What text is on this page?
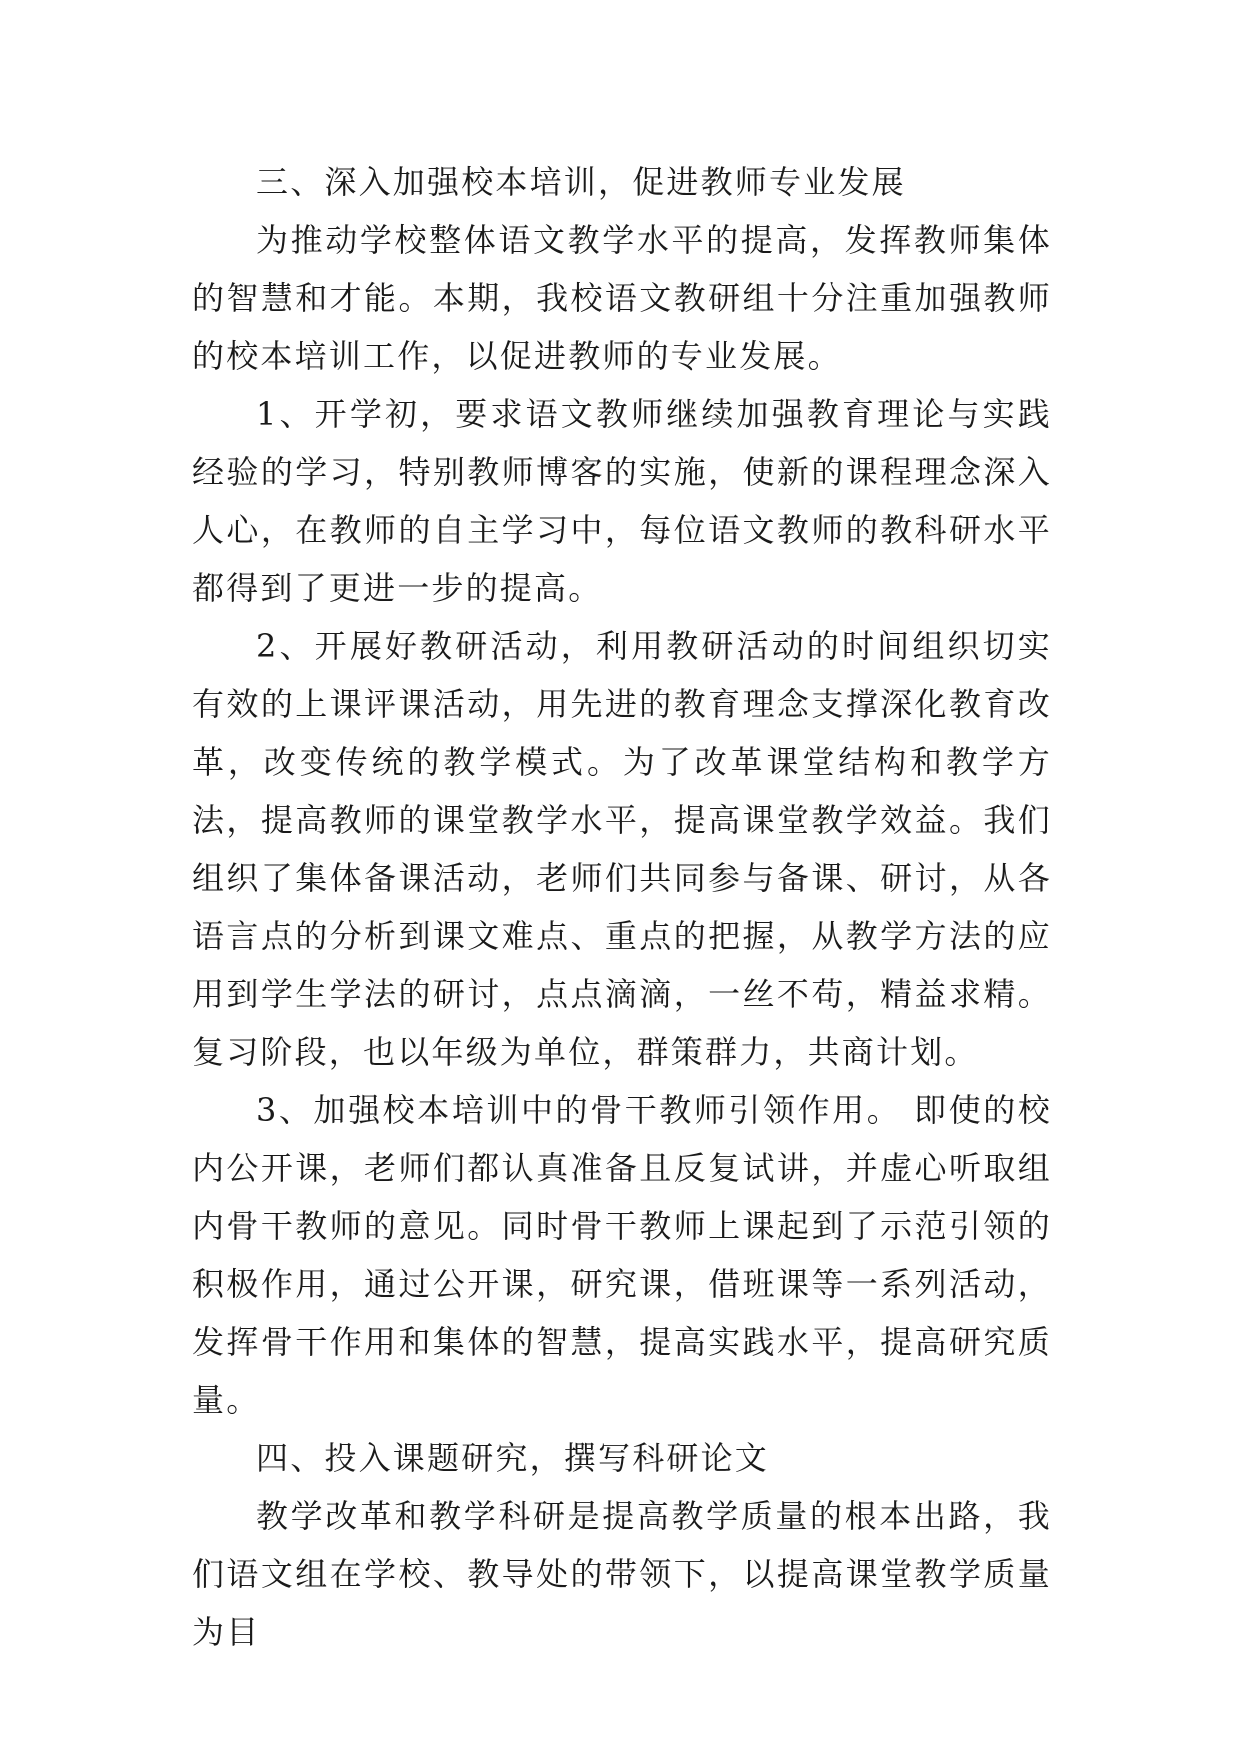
三、深入加强校本培训，促进教师专业发展

为推动学校整体语文教学水平的提高，发挥教师集体的智慧和才能。本期，我校语文教研组十分注重加强教师的校本培训工作，以促进教师的专业发展。

1、开学初，要求语文教师继续加强教育理论与实践经验的学习，特别教师博客的实施，使新的课程理念深入人心，在教师的自主学习中，每位语文教师的教科研水平都得到了更进一步的提高。

2、开展好教研活动，利用教研活动的时间组织切实有效的上课评课活动，用先进的教育理念支撑深化教育改革，改变传统的教学模式。为了改革课堂结构和教学方法，提高教师的课堂教学水平，提高课堂教学效益。我们组织了集体备课活动，老师们共同参与备课、研讨，从各语言点的分析到课文难点、重点的把握，从教学方法的应用到学生学法的研讨，点点滴滴，一丝不苟，精益求精。复习阶段，也以年级为单位，群策群力，共商计划。

3、加强校本培训中的骨干教师引领作用。 即使的校内公开课，老师们都认真准备且反复试讲，并虚心听取组内骨干教师的意见。同时骨干教师上课起到了示范引领的积极作用，通过公开课，研究课，借班课等一系列活动，发挥骨干作用和集体的智慧，提高实践水平，提高研究质量。

四、投入课题研究，撰写科研论文

教学改革和教学科研是提高教学质量的根本出路，我们语文组在学校、教导处的带领下，以提高课堂教学质量为目
